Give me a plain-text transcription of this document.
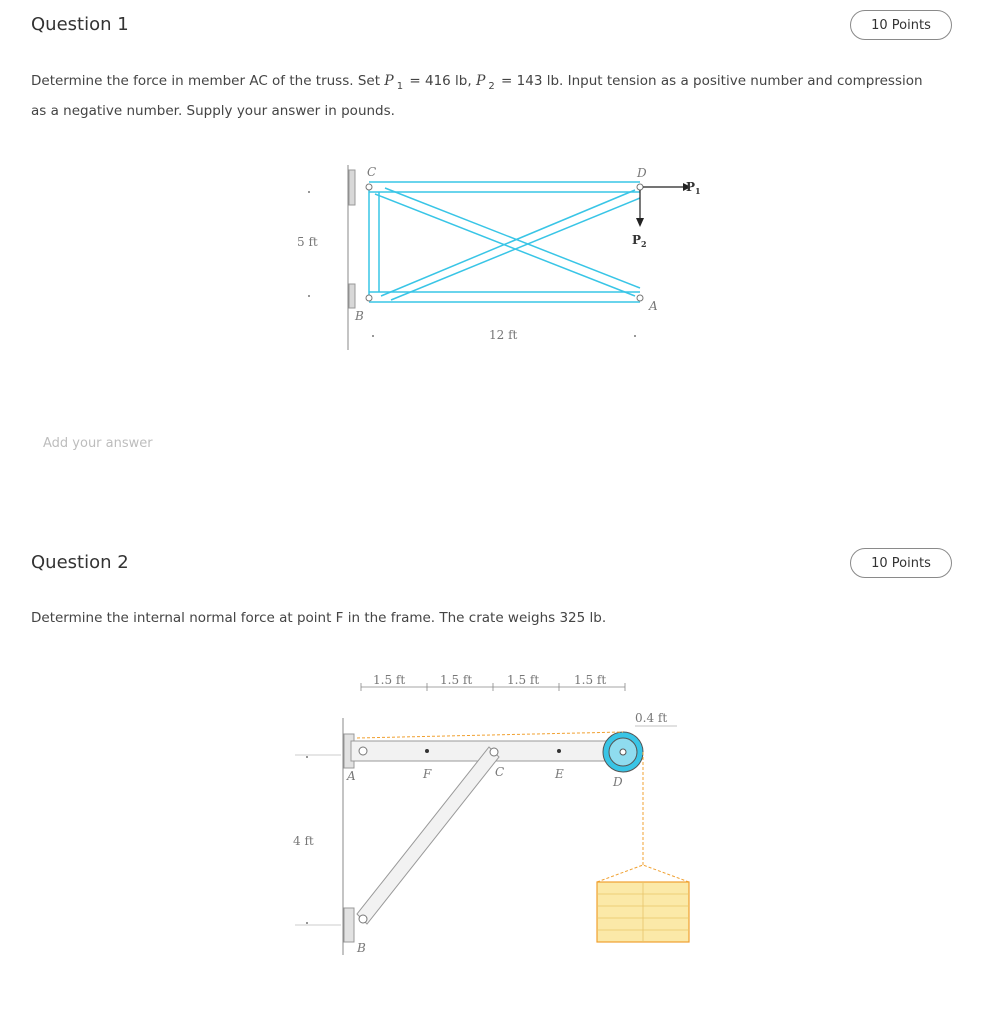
Question 1	10 Points
Determine the force in member AC of the truss. Set P $_1$ = 416 lb, P $_2$ = 143 lb. Input tension as a positive number and compression
as a negative number. Supply your answer in pounds.
C	D
B
A
$P_1$
$P_2$
5 ft
12 ft
Add your answer
Question 2	10 Points
Determine the internal normal force at point F in the frame. The crate weighs 325 lb.
1.5 ft	1.5 ft	1.5 ft	1.5 ft
0.4 ft
4 ft
A	F	C	E
D
B
